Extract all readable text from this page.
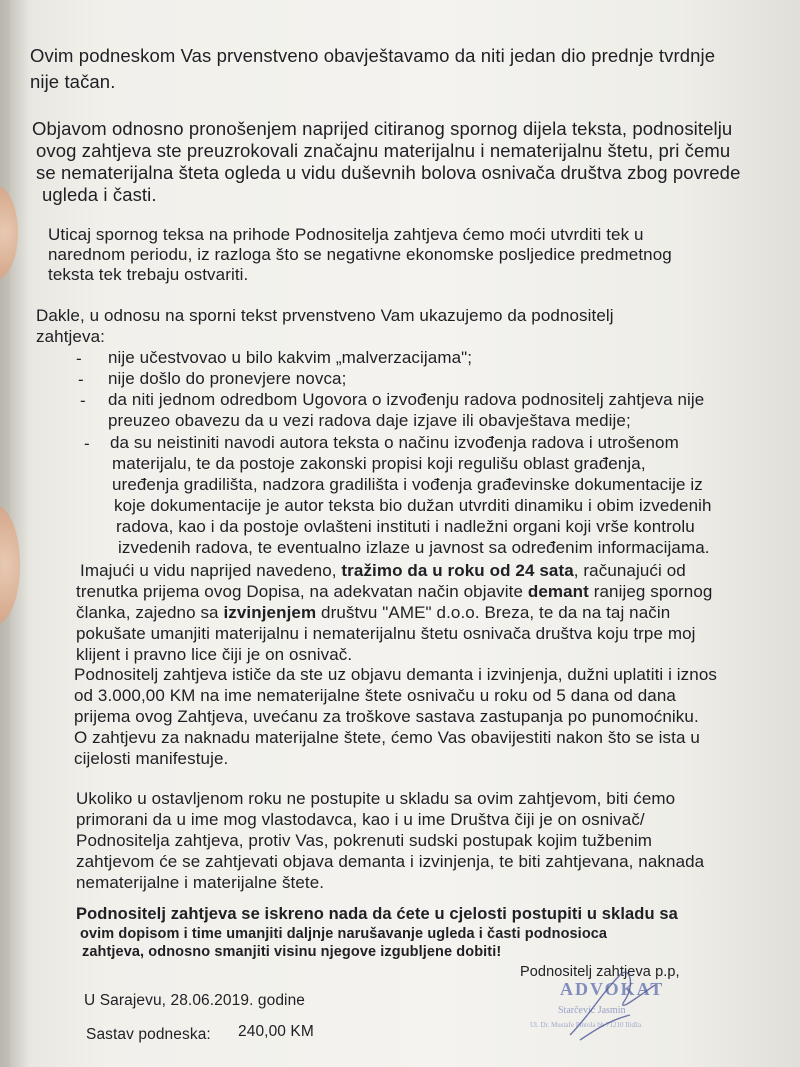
Ovim podneskom Vas prvenstveno obavještavamo da niti jedan dio prednje tvrdnje
nije tačan.
Objavom odnosno pronošenjem naprijed citiranog spornog dijela teksta, podnositelju
ovog zahtjeva ste preuzrokovali značajnu materijalnu i nematerijalnu štetu, pri čemu
se nematerijalna šteta ogleda u vidu duševnih bolova osnivača društva zbog povrede
ugleda i časti.
Uticaj spornog teksa na prihode Podnositelja zahtjeva ćemo moći utvrditi tek u
narednom periodu, iz razloga što se negativne ekonomske posljedice predmetnog
teksta tek trebaju ostvariti.
Dakle, u odnosu na sporni tekst prvenstveno Vam ukazujemo da podnositelj
zahtjeva:
- nije učestvovao u bilo kakvim „malverzacijama";
- nije došlo do pronevjere novca;
- da niti jednom odredbom Ugovora o izvođenju radova podnositelj zahtjeva nije
preuzeo obavezu da u vezi radova daje izjave ili obavještava medije;
- da su neistiniti navodi autora teksta o načinu izvođenja radova i utrošenom
materijalu, te da postoje zakonski propisi koji regulišu oblast građenja,
uređenja gradilišta, nadzora gradilišta i vođenja građevinske dokumentacije iz
koje dokumentacije je autor teksta bio dužan utvrditi dinamiku i obim izvedenih
radova, kao i da postoje ovlašteni instituti i nadležni organi koji vrše kontrolu
izvedenih radova, te eventualno izlaze u javnost sa određenim informacijama.
Imajući u vidu naprijed navedeno, tražimo da u roku od 24 sata, računajući od
trenutka prijema ovog Dopisa, na adekvatan način objavite demant ranijeg spornog
članka, zajedno sa izvinjenjem društvu "AME" d.o.o. Breza, te da na taj način
pokušate umanjiti materijalnu i nematerijalnu štetu osnivača društva koju trpe moj
klijent i pravno lice čiji je on osnivač.
Podnositelj zahtjeva ističe da ste uz objavu demanta i izvinjenja, dužni uplatiti i iznos
od 3.000,00 KM na ime nematerijalne štete osnivaču u roku od 5 dana od dana
prijema ovog Zahtjeva, uvećanu za troškove sastava zastupanja po punomoćniku.
O zahtjevu za naknadu materijalne štete, ćemo Vas obavijestiti nakon što se ista u
cijelosti manifestuje.
Ukoliko u ostavljenom roku ne postupite u skladu sa ovim zahtjevom, biti ćemo
primorani da u ime mog vlastodavca, kao i u ime Društva čiji je on osnivač/
Podnositelja zahtjeva, protiv Vas, pokrenuti sudski postupak kojim tužbenim
zahtjevom će se zahtjevati objava demanta i izvinjenja, te biti zahtjevana, naknada
nematerijalne i materijalne štete.
Podnositelj zahtjeva se iskreno nada da ćete u cjelosti postupiti u skladu sa
ovim dopisom i time umanjiti daljnje narušavanje ugleda i časti podnosioca
zahtjeva, odnosno smanjiti visinu njegove izgubljene dobiti!
Podnositelj zahtjeva p.p,
ADVOKAT
Starčević Jasmin
Ul. Dr. Mustafe Pintola bb 71210 Ilidža
U Sarajevu, 28.06.2019. godine
Sastav podneska: 240,00 KM
